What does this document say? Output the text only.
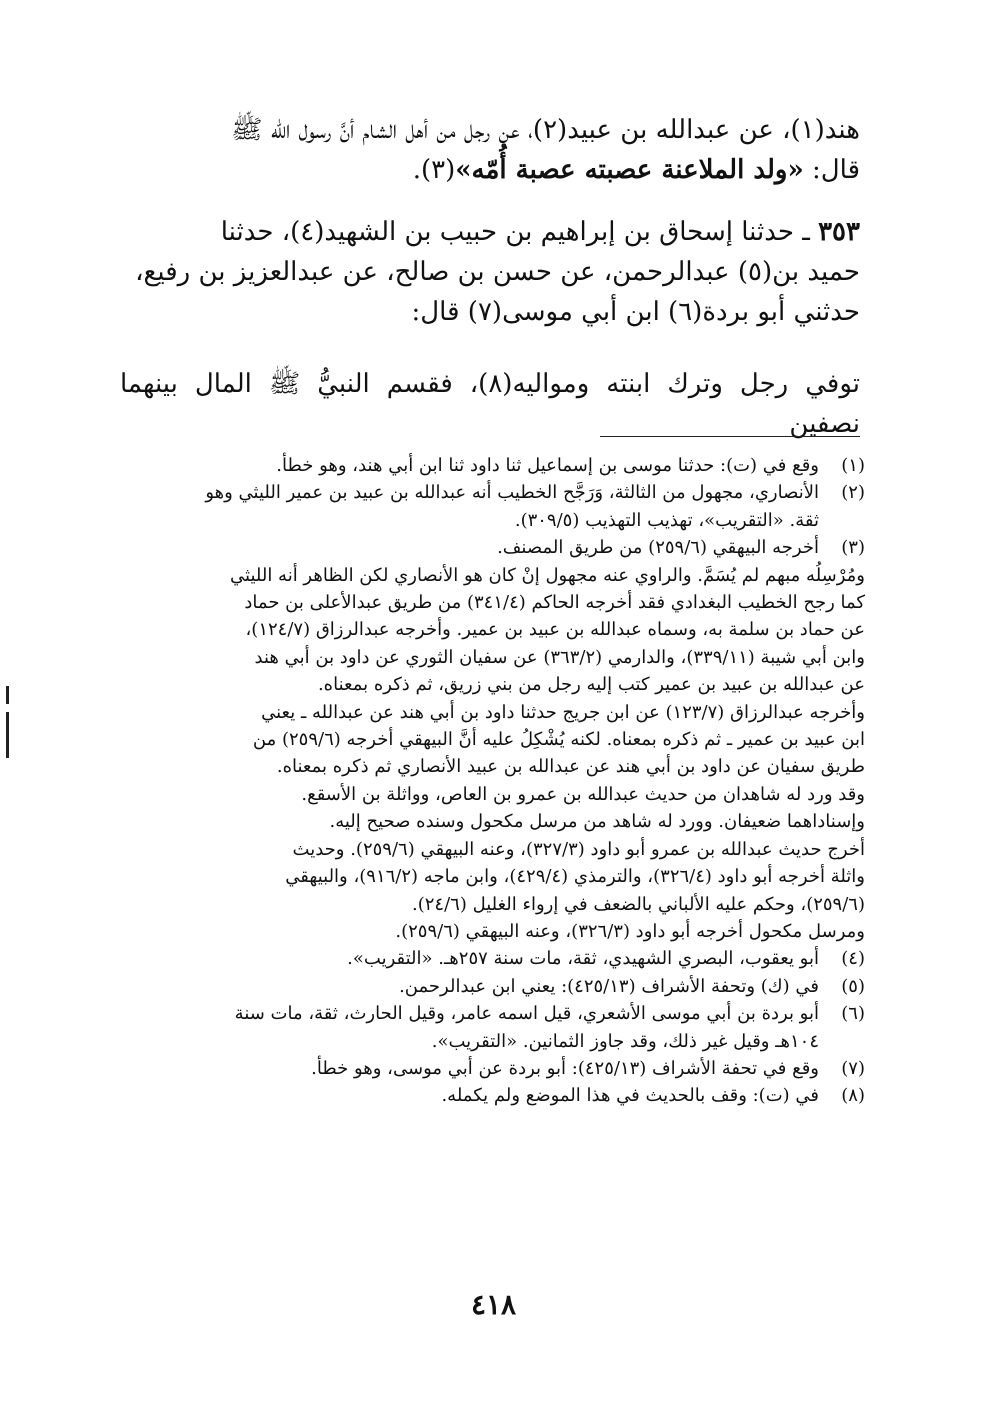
هند(١)، عن عبدالله بن عبيد(٢)، عن رجل من أهل الشام أنَّ رسول الله ﷺ

قال: «ولد الملاعنة عصبته عصبة أُمّه»(٣).

٣٥٣ ـ حدثنا إسحاق بن إبراهيم بن حبيب بن الشهيد(٤)، حدثنا

حميد بن(٥) عبدالرحمن، عن حسن بن صالح، عن عبدالعزيز بن رفيع،

حدثني أبو بردة(٦) ابن أبي موسى(٧) قال:

توفي رجل وترك ابنته ومواليه(٨)، فقسم النبيُّ ﷺ المال بينهما نصفين

(١)
وقع في (ت): حدثنا موسى بن إسماعيل ثنا داود ثنا ابن أبي هند، وهو خطأ.
(٢)
الأنصاري، مجهول من الثالثة، وَرَجَّح الخطيب أنه عبدالله بن عبيد بن عمير الليثي وهو
ثقة. «التقريب»، تهذيب التهذيب (٣٠٩/٥).
(٣)
أخرجه البيهقي (٢٥٩/٦) من طريق المصنف.
ومُرْسِلُه مبهم لم يُسَمَّ. والراوي عنه مجهول إنْ كان هو الأنصاري لكن الظاهر أنه الليثي
كما رجح الخطيب البغدادي فقد أخرجه الحاكم (٣٤١/٤) من طريق عبدالأعلى بن حماد
عن حماد بن سلمة به، وسماه عبدالله بن عبيد بن عمير. وأخرجه عبدالرزاق (١٢٤/٧)،
وابن أبي شيبة (٣٣٩/١١)، والدارمي (٣٦٣/٢) عن سفيان الثوري عن داود بن أبي هند
عن عبدالله بن عبيد بن عمير كتب إليه رجل من بني زريق، ثم ذكره بمعناه.
وأخرجه عبدالرزاق (١٢٣/٧) عن ابن جريج حدثنا داود بن أبي هند عن عبدالله ـ يعني
ابن عبيد بن عمير ـ ثم ذكره بمعناه. لكنه يُشْكِلُ عليه أنَّ البيهقي أخرجه (٢٥٩/٦) من
طريق سفيان عن داود بن أبي هند عن عبدالله بن عبيد الأنصاري ثم ذكره بمعناه.
وقد ورد له شاهدان من حديث عبدالله بن عمرو بن العاص، وواثلة بن الأسقع.
وإسناداهما ضعيفان. وورد له شاهد من مرسل مكحول وسنده صحيح إليه.
أخرج حديث عبدالله بن عمرو أبو داود (٣٢٧/٣)، وعنه البيهقي (٢٥٩/٦). وحديث
واثلة أخرجه أبو داود (٣٢٦/٤)، والترمذي (٤٢٩/٤)، وابن ماجه (٩١٦/٢)، والبيهقي
(٢٥٩/٦)، وحكم عليه الألباني بالضعف في إرواء الغليل (٢٤/٦).
ومرسل مكحول أخرجه أبو داود (٣٢٦/٣)، وعنه البيهقي (٢٥٩/٦).
(٤)
أبو يعقوب، البصري الشهيدي، ثقة، مات سنة ٢٥٧هـ. «التقريب».
(٥)
في (ك) وتحفة الأشراف (٤٢٥/١٣): يعني ابن عبدالرحمن.
(٦)
أبو بردة بن أبي موسى الأشعري، قيل اسمه عامر، وقيل الحارث، ثقة، مات سنة
١٠٤هـ وقيل غير ذلك، وقد جاوز الثمانين. «التقريب».
(٧)
وقع في تحفة الأشراف (٤٢٥/١٣): أبو بردة عن أبي موسى، وهو خطأ.
(٨)
في (ت): وقف بالحديث في هذا الموضع ولم يكمله.
٤١٨
